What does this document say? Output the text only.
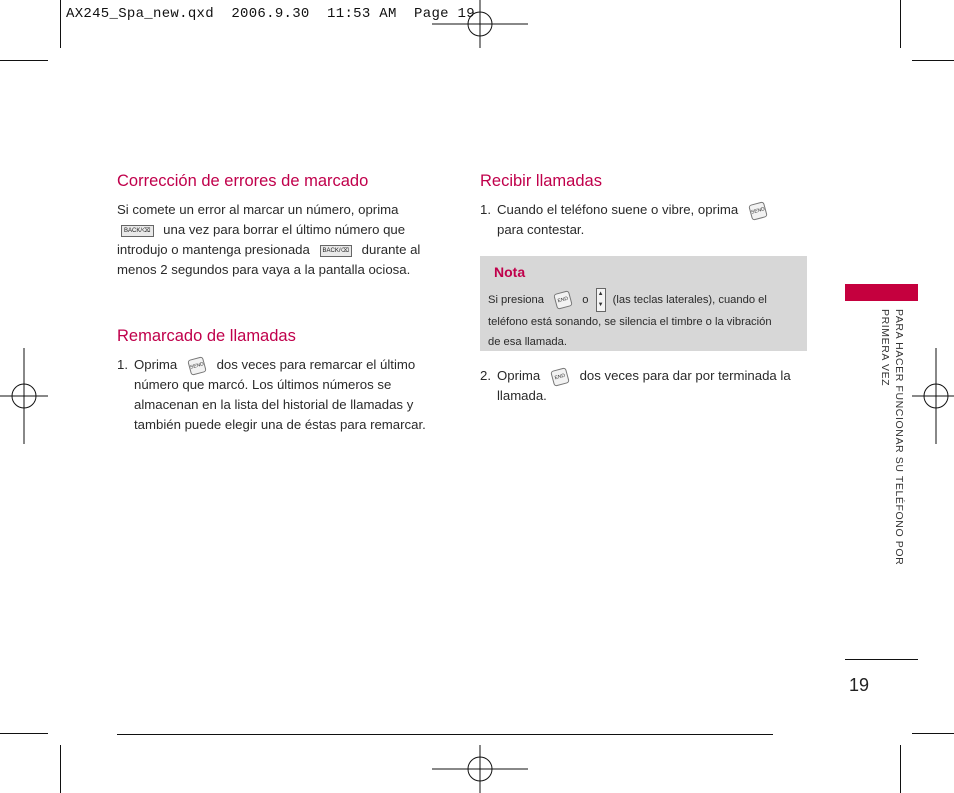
AX245_Spa_new.qxd  2006.9.30  11:53 AM  Page 19
Corrección de errores de marcado

Si comete un error al marcar un número, oprima
BACK/⌫ una vez para borrar el último número que
introdujo o mantenga presionada BACK/⌫ durante al
menos 2 segundos para vaya a la pantalla ociosa.

Remarcado de llamadas
1. Oprima SEND dos veces para remarcar el último
número que marcó. Los últimos números se
almacenan en la lista del historial de llamadas y
también puede elegir una de éstas para remarcar.

Recibir llamadas
1. Cuando el teléfono suene o vibre, oprima SEND
para contestar.

Nota
Si presiona	END o ▲
▼ (las teclas laterales), cuando el
teléfono está sonando, se silencia el timbre o la vibración
de esa llamada.
2. Oprima	END dos veces para dar por terminada la
llamada.	PARA HACER FUNCIONAR SU TELÉFONO POR
PRIMERA VEZ
19
